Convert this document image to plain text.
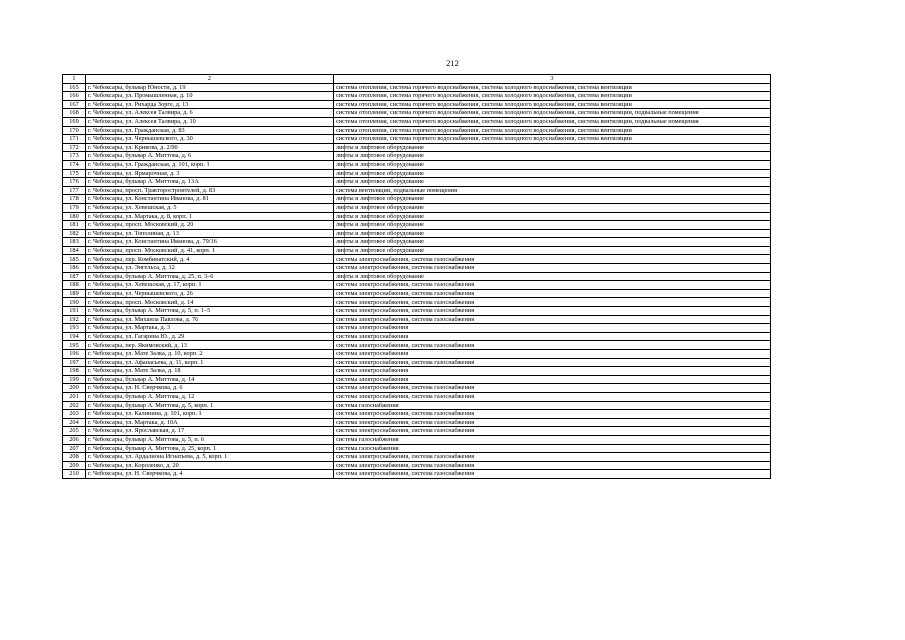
212
1	2	3
165	г. Чебоксары, бульвар Юности, д. 19	система отопления, система горячего водоснабжения, система холодного водоснабжения, система вентиляции
166	г. Чебоксары, ул. Промышленная, д. 10	система отопления, система горячего водоснабжения, система холодного водоснабжения, система вентиляции
167	г. Чебоксары, ул. Рихарда Зорге, д. 13	система отопления, система горячего водоснабжения, система холодного водоснабжения, система вентиляции
168	г. Чебоксары, ул. Алексея Талвира, д. 6	система отопления, система горячего водоснабжения, система холодного водоснабжения, система вентиляции, подвальные помещения
169	г. Чебоксары, ул. Алексея Талвира, д. 10	система отопления, система горячего водоснабжения, система холодного водоснабжения, система вентиляции, подвальные помещения
170	г. Чебоксары, ул. Гражданская, д. 83	система отопления, система горячего водоснабжения, система холодного водоснабжения, система вентиляции
171	г. Чебоксары, ул. Чернышевского, д. 30	система отопления, система горячего водоснабжения, система холодного водоснабжения, система вентиляции
172	г. Чебоксары, ул. Кривова, д. 2/90	лифты и лифтовое оборудование
173	г. Чебоксары, бульвар А. Миттова, д. 6	лифты и лифтовое оборудование
174	г. Чебоксары, ул. Гражданская, д. 101, корп. 1	лифты и лифтовое оборудование
175	г. Чебоксары, ул. Ярмарочная, д. 3	лифты и лифтовое оборудование
176	г. Чебоксары, бульвар А. Миттова, д. 13А	лифты и лифтовое оборудование
177	г. Чебоксары, просп. Тракторостроителей, д. 83	система вентиляции, подвальные помещения
178	г. Чебоксары, ул. Константина Иванова, д. 81	лифты и лифтовое оборудование
179	г. Чебоксары, ул. Хевешская, д. 5	лифты и лифтовое оборудование
180	г. Чебоксары, ул. Мартака, д. 8, корп. 1	лифты и лифтовое оборудование
181	г. Чебоксары, просп. Московский, д. 20	лифты и лифтовое оборудование
182	г. Чебоксары, ул. Тополиная, д. 13	лифты и лифтовое оборудование
183	г. Чебоксары, ул. Константина Иванова, д. 79/16	лифты и лифтовое оборудование
184	г. Чебоксары, просп. Московский, д. 41, корп. 1	лифты и лифтовое оборудование
185	г. Чебоксары, пер. Комбинатский, д. 4	система электроснабжения, система газоснабжения
186	г. Чебоксары, ул. Энгельса, д. 12	система электроснабжения, система газоснабжения
187	г. Чебоксары, бульвар А. Миттова, д. 25, п. 3–6	лифты и лифтовое оборудование
188	г. Чебоксары, ул. Хевешская, д. 17, корп. 1	система электроснабжения, система газоснабжения
189	г. Чебоксары, ул. Чернышевского, д. 26	система электроснабжения, система газоснабжения
190	г. Чебоксары, просп. Московский, д. 14	система электроснабжения, система газоснабжения
191	г. Чебоксары, бульвар А. Миттова, д. 5, п. 1–5	система электроснабжения, система газоснабжения
192	г. Чебоксары, ул. Михаила Павлова, д. 76	система электроснабжения, система газоснабжения
193	г. Чебоксары, ул. Мартака, д. 3	система электроснабжения
194	г. Чебоксары, ул. Гагарина Ю., д. 29	система электроснабжения
195	г. Чебоксары, пер. Якимовский, д. 13	система электроснабжения, система газоснабжения
196	г. Чебоксары, ул. Мате Залка, д. 10, корп. 2	система электроснабжения
197	г. Чебоксары, ул. Афанасьева, д. 11, корп. 1	система электроснабжения, система газоснабжения
198	г. Чебоксары, ул. Мате Залка, д. 18	система электроснабжения
199	г. Чебоксары, бульвар А. Миттова, д. 14	система электроснабжения
200	г. Чебоксары, ул. Н. Сверчкова, д. 6	система электроснабжения, система газоснабжения
201	г. Чебоксары, бульвар А. Миттова, д. 12	система электроснабжения, система газоснабжения
202	г. Чебоксары, бульвар А. Миттова, д. 5, корп. 1	система газоснабжения
203	г. Чебоксары, ул. Калинина, д. 101, корп. 1	система электроснабжения, система газоснабжения
204	г. Чебоксары, ул. Мартака, д. 10А	система электроснабжения, система газоснабжения
205	г. Чебоксары, ул. Ярославская, д. 17	система электроснабжения, система газоснабжения
206	г. Чебоксары, бульвар А. Миттова, д. 5, п. 6	система газоснабжения
207	г. Чебоксары, бульвар А. Миттова, д. 25, корп. 1	система газоснабжения
208	г. Чебоксары, ул. Ардалиона Игнатьева, д. 5, корп. 1	система электроснабжения, система газоснабжения
209	г. Чебоксары, ул. Короленко, д. 20	система электроснабжения, система газоснабжения
210	г. Чебоксары, ул. Н. Сверчкова, д. 4	система электроснабжения, система газоснабжения
